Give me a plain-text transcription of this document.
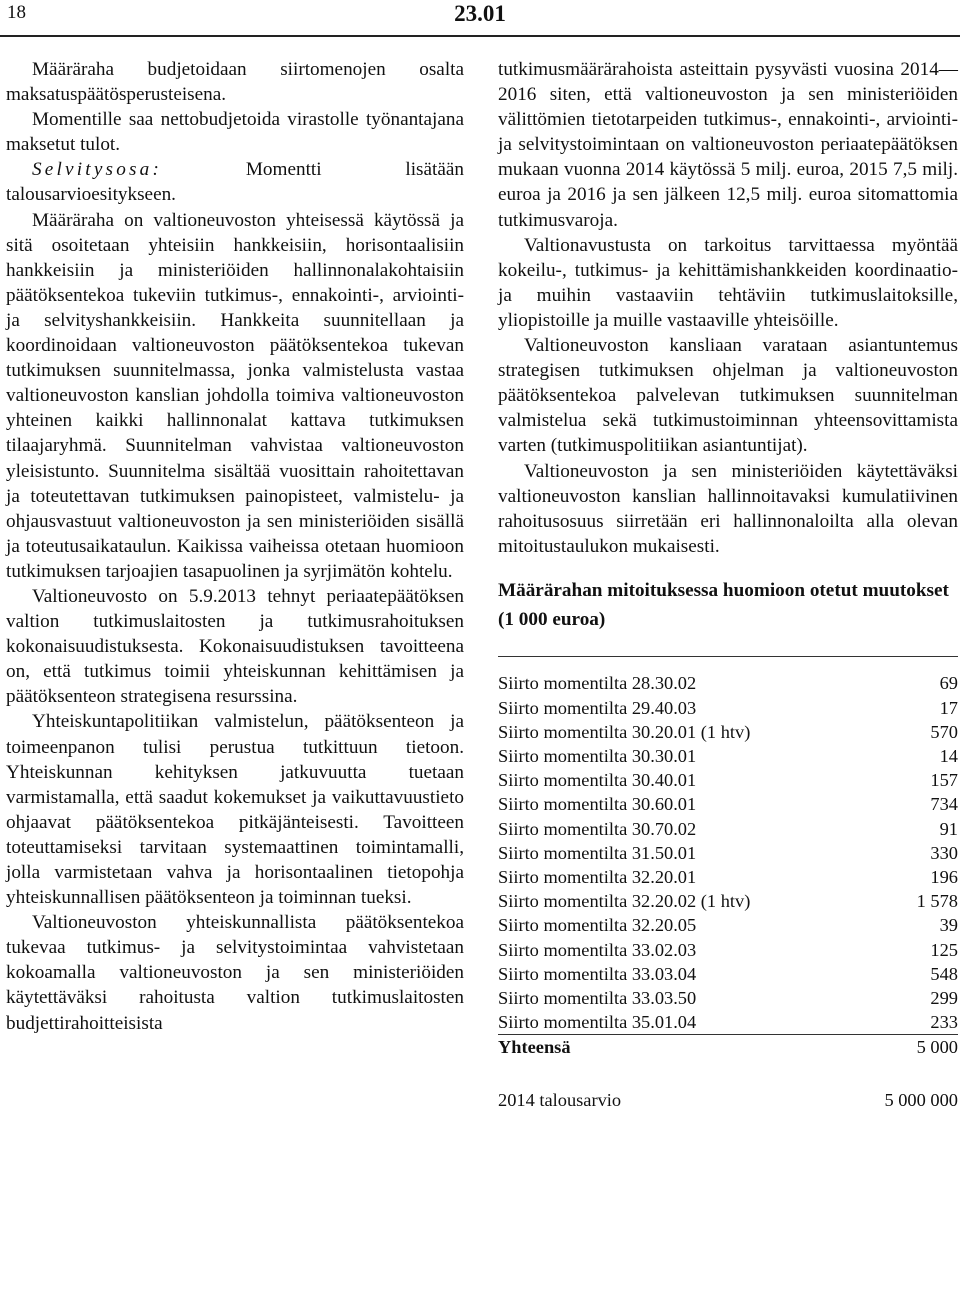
18	23.01

Määräraha budjetoidaan siirtomenojen osalta maksatuspäätösperusteisena.

Momentille saa nettobudjetoida virastolle työnantajana maksetut tulot.

Selvitysosa:	Momentti lisätään talousarvioesitykseen.

Määräraha on valtioneuvoston yhteisessä käytössä ja sitä osoitetaan yhteisiin hankkeisiin, horisontaalisiin hankkeisiin ja ministeriöiden hallinnonalakohtaisiin päätöksentekoa tukeviin tutkimus-, ennakointi-, arviointi- ja selvityshankkeisiin. Hankkeita suunnitellaan ja koordinoidaan valtioneuvoston päätöksentekoa tukevan tutkimuksen suunnitelmassa, jonka valmistelusta vastaa valtioneuvoston kanslian johdolla toimiva valtioneuvoston yhteinen kaikki hallinnonalat kattava tutkimuksen tilaajaryhmä. Suunnitelman vahvistaa valtioneuvoston yleisistunto. Suunnitelma sisältää vuosittain rahoitettavan ja toteutettavan tutkimuksen painopisteet, valmistelu- ja ohjausvastuut valtioneuvoston ja sen ministeriöiden sisällä ja toteutusaikataulun. Kaikissa vaiheissa otetaan huomioon tutkimuksen tarjoajien tasapuolinen ja syrjimätön kohtelu.

Valtioneuvosto on 5.9.2013 tehnyt periaatepäätöksen valtion tutkimuslaitosten ja tutkimusrahoituksen kokonaisuudistuksesta. Kokonaisuudistuksen tavoitteena on, että tutkimus toimii yhteiskunnan kehittämisen ja päätöksenteon strategisena resurssina.

Yhteiskuntapolitiikan valmistelun, päätöksenteon ja toimeenpanon tulisi perustua tutkittuun tietoon. Yhteiskunnan kehityksen jatkuvuutta tuetaan varmistamalla, että saadut kokemukset ja vaikuttavuustieto ohjaavat päätöksentekoa pitkäjänteisesti. Tavoitteen toteuttamiseksi tarvitaan systemaattinen toimintamalli, jolla varmistetaan vahva ja horisontaalinen tietopohja yhteiskunnallisen päätöksenteon ja toiminnan tueksi.

Valtioneuvoston yhteiskunnallista päätöksentekoa tukevaa tutkimus- ja selvitystoimintaa vahvistetaan kokoamalla valtioneuvoston ja sen ministeriöiden käytettäväksi rahoitusta valtion tutkimuslaitosten budjettirahoitteisista

tutkimusmäärärahoista asteittain pysyvästi vuosina 2014—2016 siten, että valtioneuvoston ja sen ministeriöiden välittömien tietotarpeiden tutkimus-, ennakointi-, arviointi- ja selvitystoimintaan on valtioneuvoston periaatepäätöksen mukaan vuonna 2014 käytössä 5 milj. euroa, 2015 7,5 milj. euroa ja 2016 ja sen jälkeen 12,5 milj. euroa sitomattomia tutkimusvaroja.

Valtionavustusta on tarkoitus tarvittaessa myöntää kokeilu-, tutkimus- ja kehittämishankkeiden koordinaatio- ja muihin vastaaviin tehtäviin tutkimuslaitoksille, yliopistoille ja muille vastaaville yhteisöille.

Valtioneuvoston kansliaan varataan asiantuntemus strategisen tutkimuksen ohjelman ja valtioneuvoston päätöksentekoa palvelevan tutkimuksen suunnitelman valmistelua sekä tutkimustoiminnan yhteensovittamista varten (tutkimuspolitiikan asiantuntijat).

Valtioneuvoston ja sen ministeriöiden käytettäväksi valtioneuvoston kanslian hallinnoitavaksi kumulatiivinen rahoitusosuus siirretään eri hallinnonaloilta alla olevan mitoitustaulukon mukaisesti.

Määrärahan mitoituksessa huomioon otetut muutokset (1 000 euroa)

Siirto momentilta 28.30.02	69
Siirto momentilta 29.40.03	17
Siirto momentilta 30.20.01 (1 htv)	570
Siirto momentilta 30.30.01	14
Siirto momentilta 30.40.01	157
Siirto momentilta 30.60.01	734
Siirto momentilta 30.70.02	91
Siirto momentilta 31.50.01	330
Siirto momentilta 32.20.01	196
Siirto momentilta 32.20.02 (1 htv)	1 578
Siirto momentilta 32.20.05	39
Siirto momentilta 33.02.03	125
Siirto momentilta 33.03.04	548
Siirto momentilta 33.03.50	299
Siirto momentilta 35.01.04	233
Yhteensä	5 000
2014 talousarvio	5 000 000
